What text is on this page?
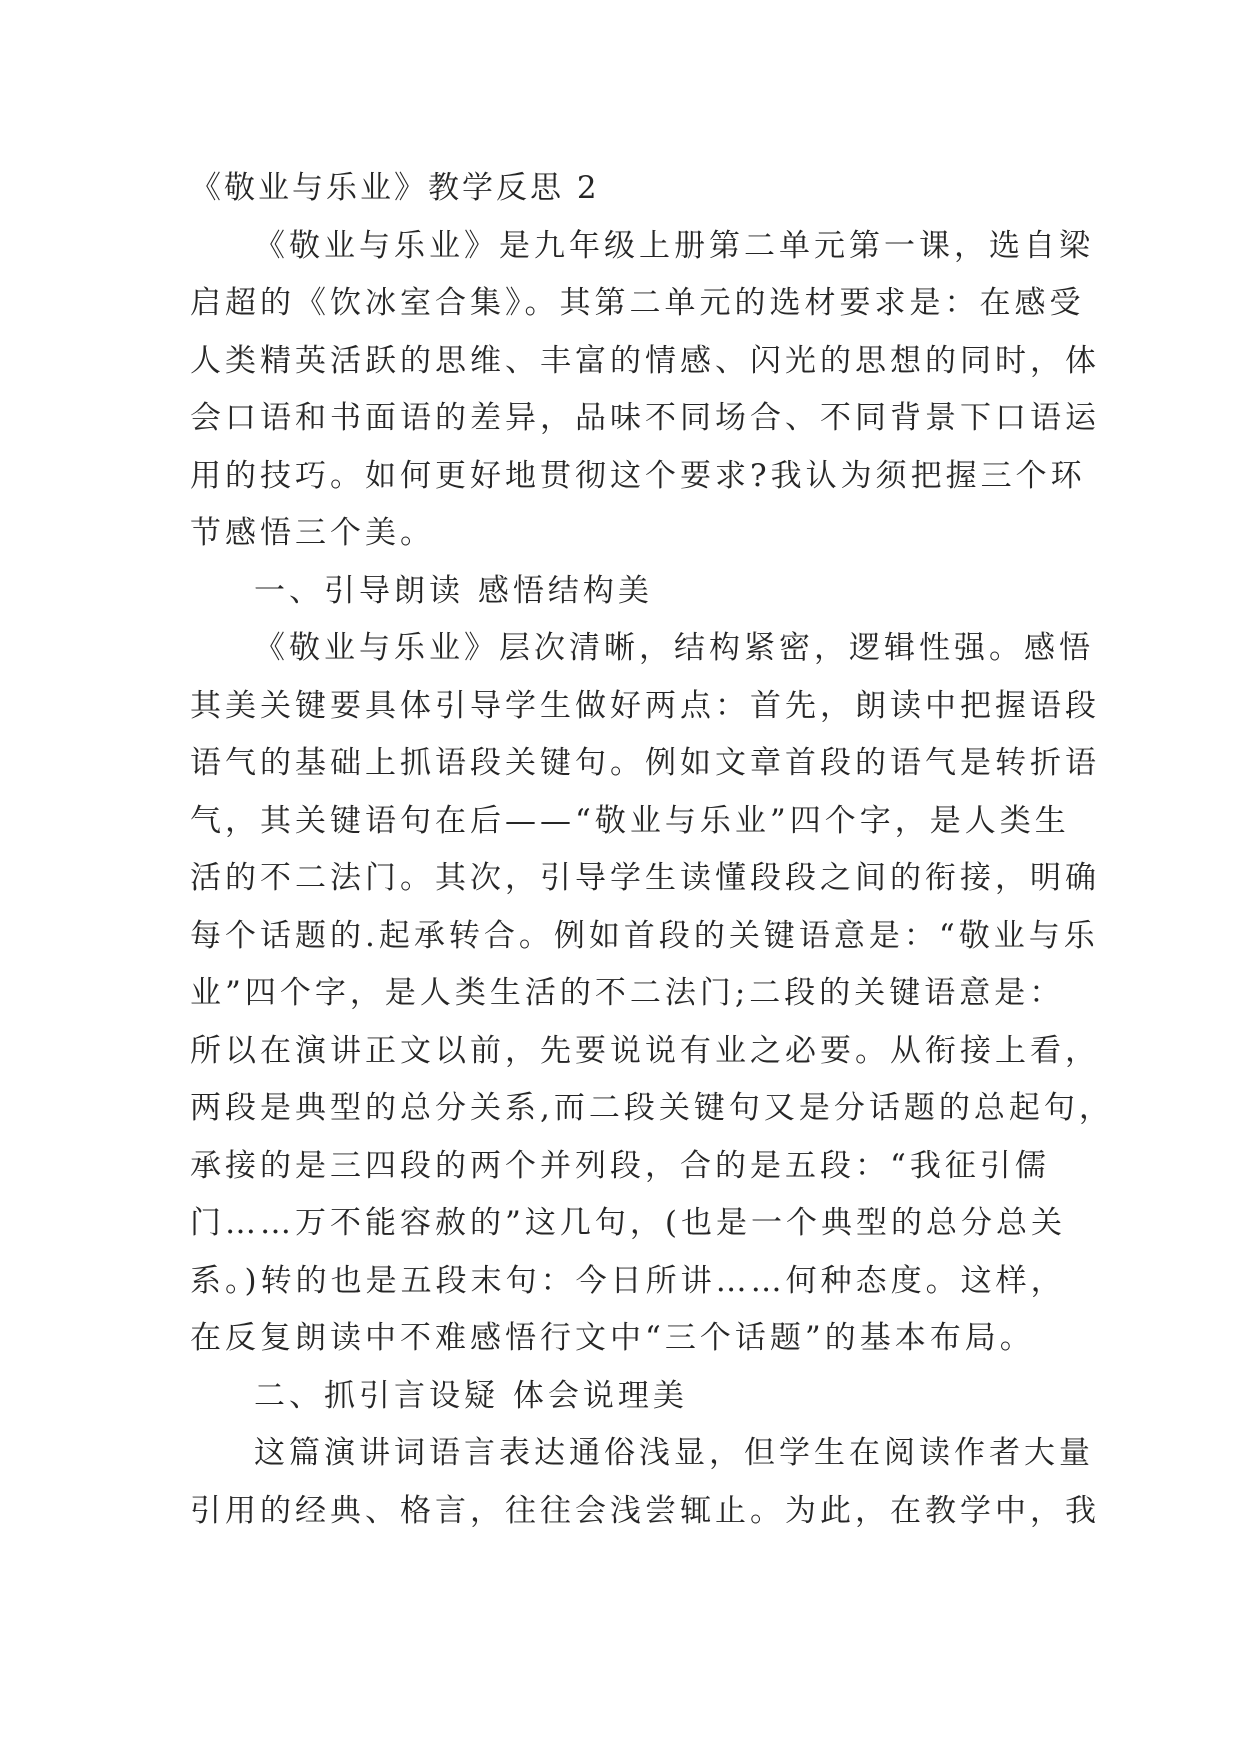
《敬业与乐业》教学反思 2
《敬业与乐业》是九年级上册第二单元第一课，选自梁
启超的《饮冰室合集》。其第二单元的选材要求是：在感受
人类精英活跃的思维、丰富的情感、闪光的思想的同时，体
会口语和书面语的差异，品味不同场合、不同背景下口语运
用的技巧。如何更好地贯彻这个要求?我认为须把握三个环
节感悟三个美。
一、引导朗读 感悟结构美
《敬业与乐业》层次清晰，结构紧密，逻辑性强。感悟
其美关键要具体引导学生做好两点：首先，朗读中把握语段
语气的基础上抓语段关键句。例如文章首段的语气是转折语
气，其关键语句在后——“敬业与乐业”四个字，是人类生
活的不二法门。其次，引导学生读懂段段之间的衔接，明确
每个话题的.起承转合。例如首段的关键语意是：“敬业与乐
业”四个字，是人类生活的不二法门;二段的关键语意是：
所以在演讲正文以前，先要说说有业之必要。从衔接上看，
两段是典型的总分关系,而二段关键句又是分话题的总起句，
承接的是三四段的两个并列段，合的是五段：“我征引儒
门……万不能容赦的”这几句，(也是一个典型的总分总关
系。)转的也是五段末句：今日所讲……何种态度。这样，
在反复朗读中不难感悟行文中“三个话题”的基本布局。
二、抓引言设疑 体会说理美
这篇演讲词语言表达通俗浅显，但学生在阅读作者大量
引用的经典、格言，往往会浅尝辄止。为此，在教学中，我
